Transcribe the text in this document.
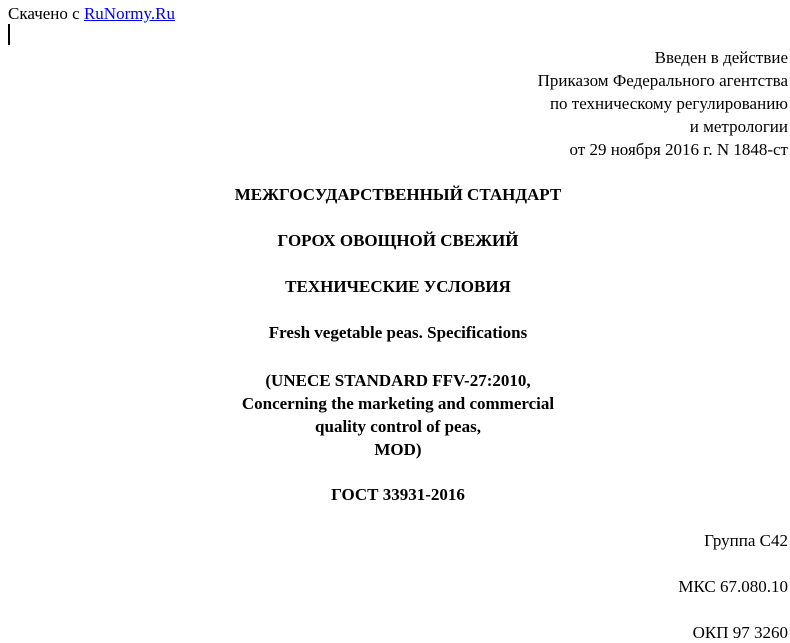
Скачено с RuNormy.Ru
Введен в действие
Приказом Федерального агентства
по техническому регулированию
и метрологии
от 29 ноября 2016 г. N 1848-ст
МЕЖГОСУДАРСТВЕННЫЙ СТАНДАРТ
ГОРОХ ОВОЩНОЙ СВЕЖИЙ
ТЕХНИЧЕСКИЕ УСЛОВИЯ
Fresh vegetable peas. Specifications
(UNECE STANDARD FFV-27:2010,
Concerning the marketing and commercial
quality control of peas,
MOD)
ГОСТ 33931-2016
Группа С42
МКС 67.080.10
ОКП 97 3260
